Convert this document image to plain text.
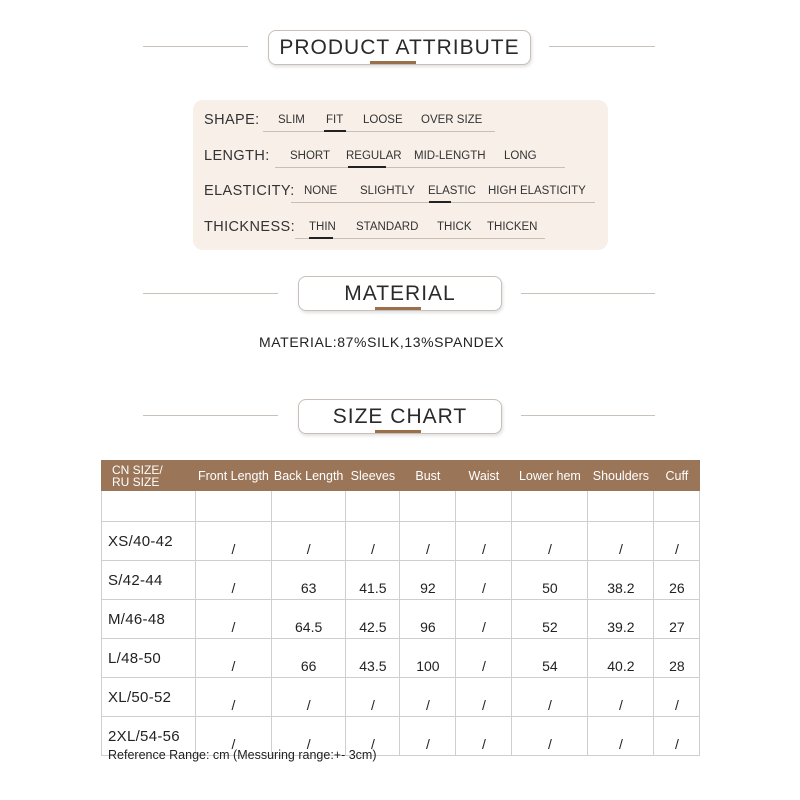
PRODUCT ATTRIBUTE
SHAPE: SLIM FIT LOOSE OVER SIZE
LENGTH: SHORT REGULAR MID-LENGTH LONG
ELASTICITY: NONE SLIGHTLY ELASTIC HIGH ELASTICITY
THICKNESS: THIN STANDARD THICK THICKEN
MATERIAL
MATERIAL:87%SILK,13%SPANDEX
SIZE CHART
CN SIZE/
RU SIZE	Front Length	Back Length	Sleeves	Bust	Waist	Lower hem	Shoulders	Cuff

XS/40-42	/	/	/	/	/	/	/	/
S/42-44	/	63	41.5	92	/	50	38.2	26
M/46-48	/	64.5	42.5	96	/	52	39.2	27
L/48-50	/	66	43.5	100	/	54	40.2	28
XL/50-52	/	/	/	/	/	/	/	/
2XL/54-56	/	/	/	/	/	/	/	/
Reference Range: cm (Messuring range:+- 3cm)
